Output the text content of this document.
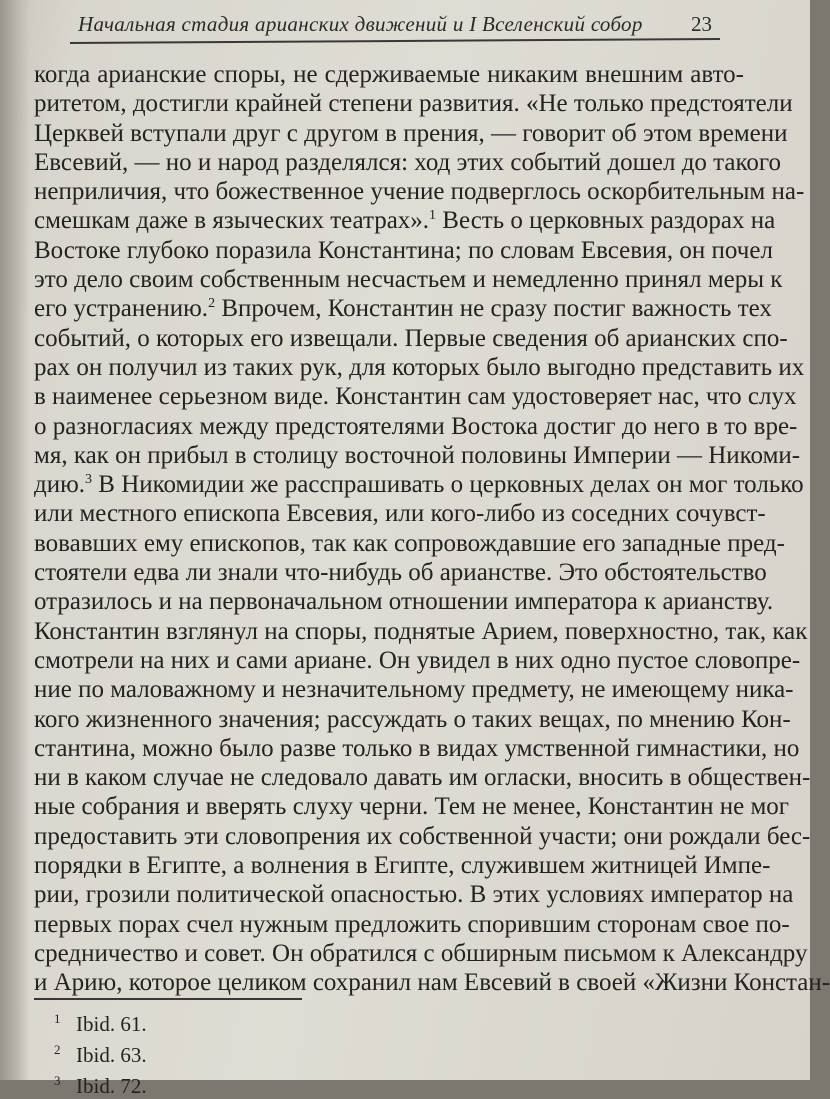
Начальная стадия арианских движений и I Вселенский собор 23
когда арианские споры, не сдерживаемые никаким внешним авто-
ритетом, достигли крайней степени развития. «Не только предстоятели
Церквей вступали друг с другом в прения, — говорит об этом времени
Евсевий, — но и народ разделялся: ход этих событий дошел до такого
неприличия, что божественное учение подверглось оскорбительным на-
смешкам даже в языческих театрах».$^1$ Весть о церковных раздорах на
Востоке глубоко поразила Константина; по словам Евсевия, он почел
это дело своим собственным несчастьем и немедленно принял меры к
его устранению.$^2$ Впрочем, Константин не сразу постиг важность тех
событий, о которых его извещали. Первые сведения об арианских спо-
рах он получил из таких рук, для которых было выгодно представить их
в наименее серьезном виде. Константин сам удостоверяет нас, что слух
о разногласиях между предстоятелями Востока достиг до него в то вре-
мя, как он прибыл в столицу восточной половины Империи — Никоми-
дию.$^3$ В Никомидии же расспрашивать о церковных делах он мог только
или местного епископа Евсевия, или кого-либо из соседних сочувст-
вовавших ему епископов, так как сопровождавшие его западные пред-
стоятели едва ли знали что-нибудь об арианстве. Это обстоятельство
отразилось и на первоначальном отношении императора к арианству.
Константин взглянул на споры, поднятые Арием, поверхностно, так, как
смотрели на них и сами ариане. Он увидел в них одно пустое словопре-
ние по маловажному и незначительному предмету, не имеющему ника-
кого жизненного значения; рассуждать о таких вещах, по мнению Кон-
стантина, можно было разве только в видах умственной гимнастики, но
ни в каком случае не следовало давать им огласки, вносить в обществен-
ные собрания и вверять слуху черни. Тем не менее, Константин не мог
предоставить эти словопрения их собственной участи; они рождали бес-
порядки в Египте, а волнения в Египте, служившем житницей Импе-
рии, грозили политической опасностью. В этих условиях император на
первых порах счел нужным предложить спорившим сторонам свое по-
средничество и совет. Он обратился с обширным письмом к Александру
и Арию, которое целиком сохранил нам Евсевий в своей «Жизни Констан-
1 Ibid. 61.
2 Ibid. 63.
3 Ibid. 72.
